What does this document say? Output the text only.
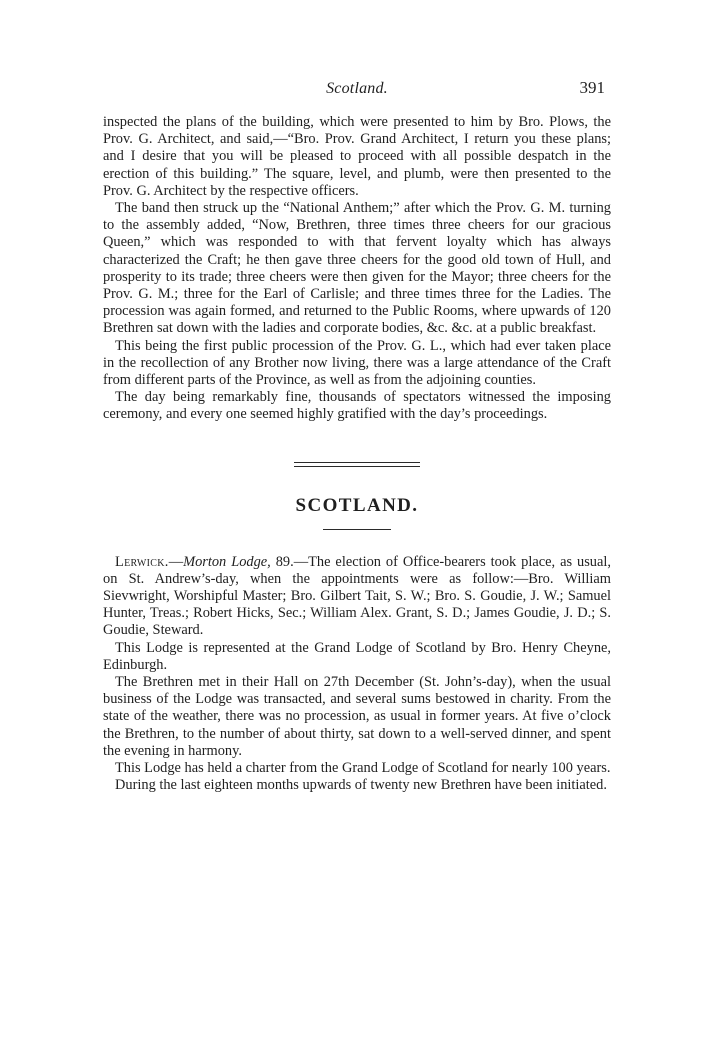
Scotland.	391

inspected the plans of the building, which were presented to him by Bro. Plows, the Prov. G. Architect, and said,—“Bro. Prov. Grand Architect, I return you these plans; and I desire that you will be pleased to proceed with all possible despatch in the erection of this building.” The square, level, and plumb, were then presented to the Prov. G. Architect by the respective officers.

The band then struck up the “National Anthem;” after which the Prov. G. M. turning to the assembly added, “Now, Brethren, three times three cheers for our gracious Queen,” which was responded to with that fervent loyalty which has always characterized the Craft; he then gave three cheers for the good old town of Hull, and prosperity to its trade; three cheers were then given for the Mayor; three cheers for the Prov. G. M.; three for the Earl of Carlisle; and three times three for the Ladies. The procession was again formed, and returned to the Public Rooms, where upwards of 120 Brethren sat down with the ladies and corporate bodies, &c. &c. at a public breakfast.

This being the first public procession of the Prov. G. L., which had ever taken place in the recollection of any Brother now living, there was a large attendance of the Craft from different parts of the Province, as well as from the adjoining counties.

The day being remarkably fine, thousands of spectators witnessed the imposing ceremony, and every one seemed highly gratified with the day’s proceedings.

SCOTLAND.

Lerwick.—Morton Lodge, 89.—The election of Office-bearers took place, as usual, on St. Andrew’s-day, when the appointments were as follow:—Bro. William Sievwright, Worshipful Master; Bro. Gilbert Tait, S. W.; Bro. S. Goudie, J. W.; Samuel Hunter, Treas.; Robert Hicks, Sec.; William Alex. Grant, S. D.; James Goudie, J. D.; S. Goudie, Steward.

This Lodge is represented at the Grand Lodge of Scotland by Bro. Henry Cheyne, Edinburgh.

The Brethren met in their Hall on 27th December (St. John’s-day), when the usual business of the Lodge was transacted, and several sums bestowed in charity. From the state of the weather, there was no procession, as usual in former years. At five o’clock the Brethren, to the number of about thirty, sat down to a well-served dinner, and spent the evening in harmony.

This Lodge has held a charter from the Grand Lodge of Scotland for nearly 100 years.

During the last eighteen months upwards of twenty new Brethren have been initiated.
